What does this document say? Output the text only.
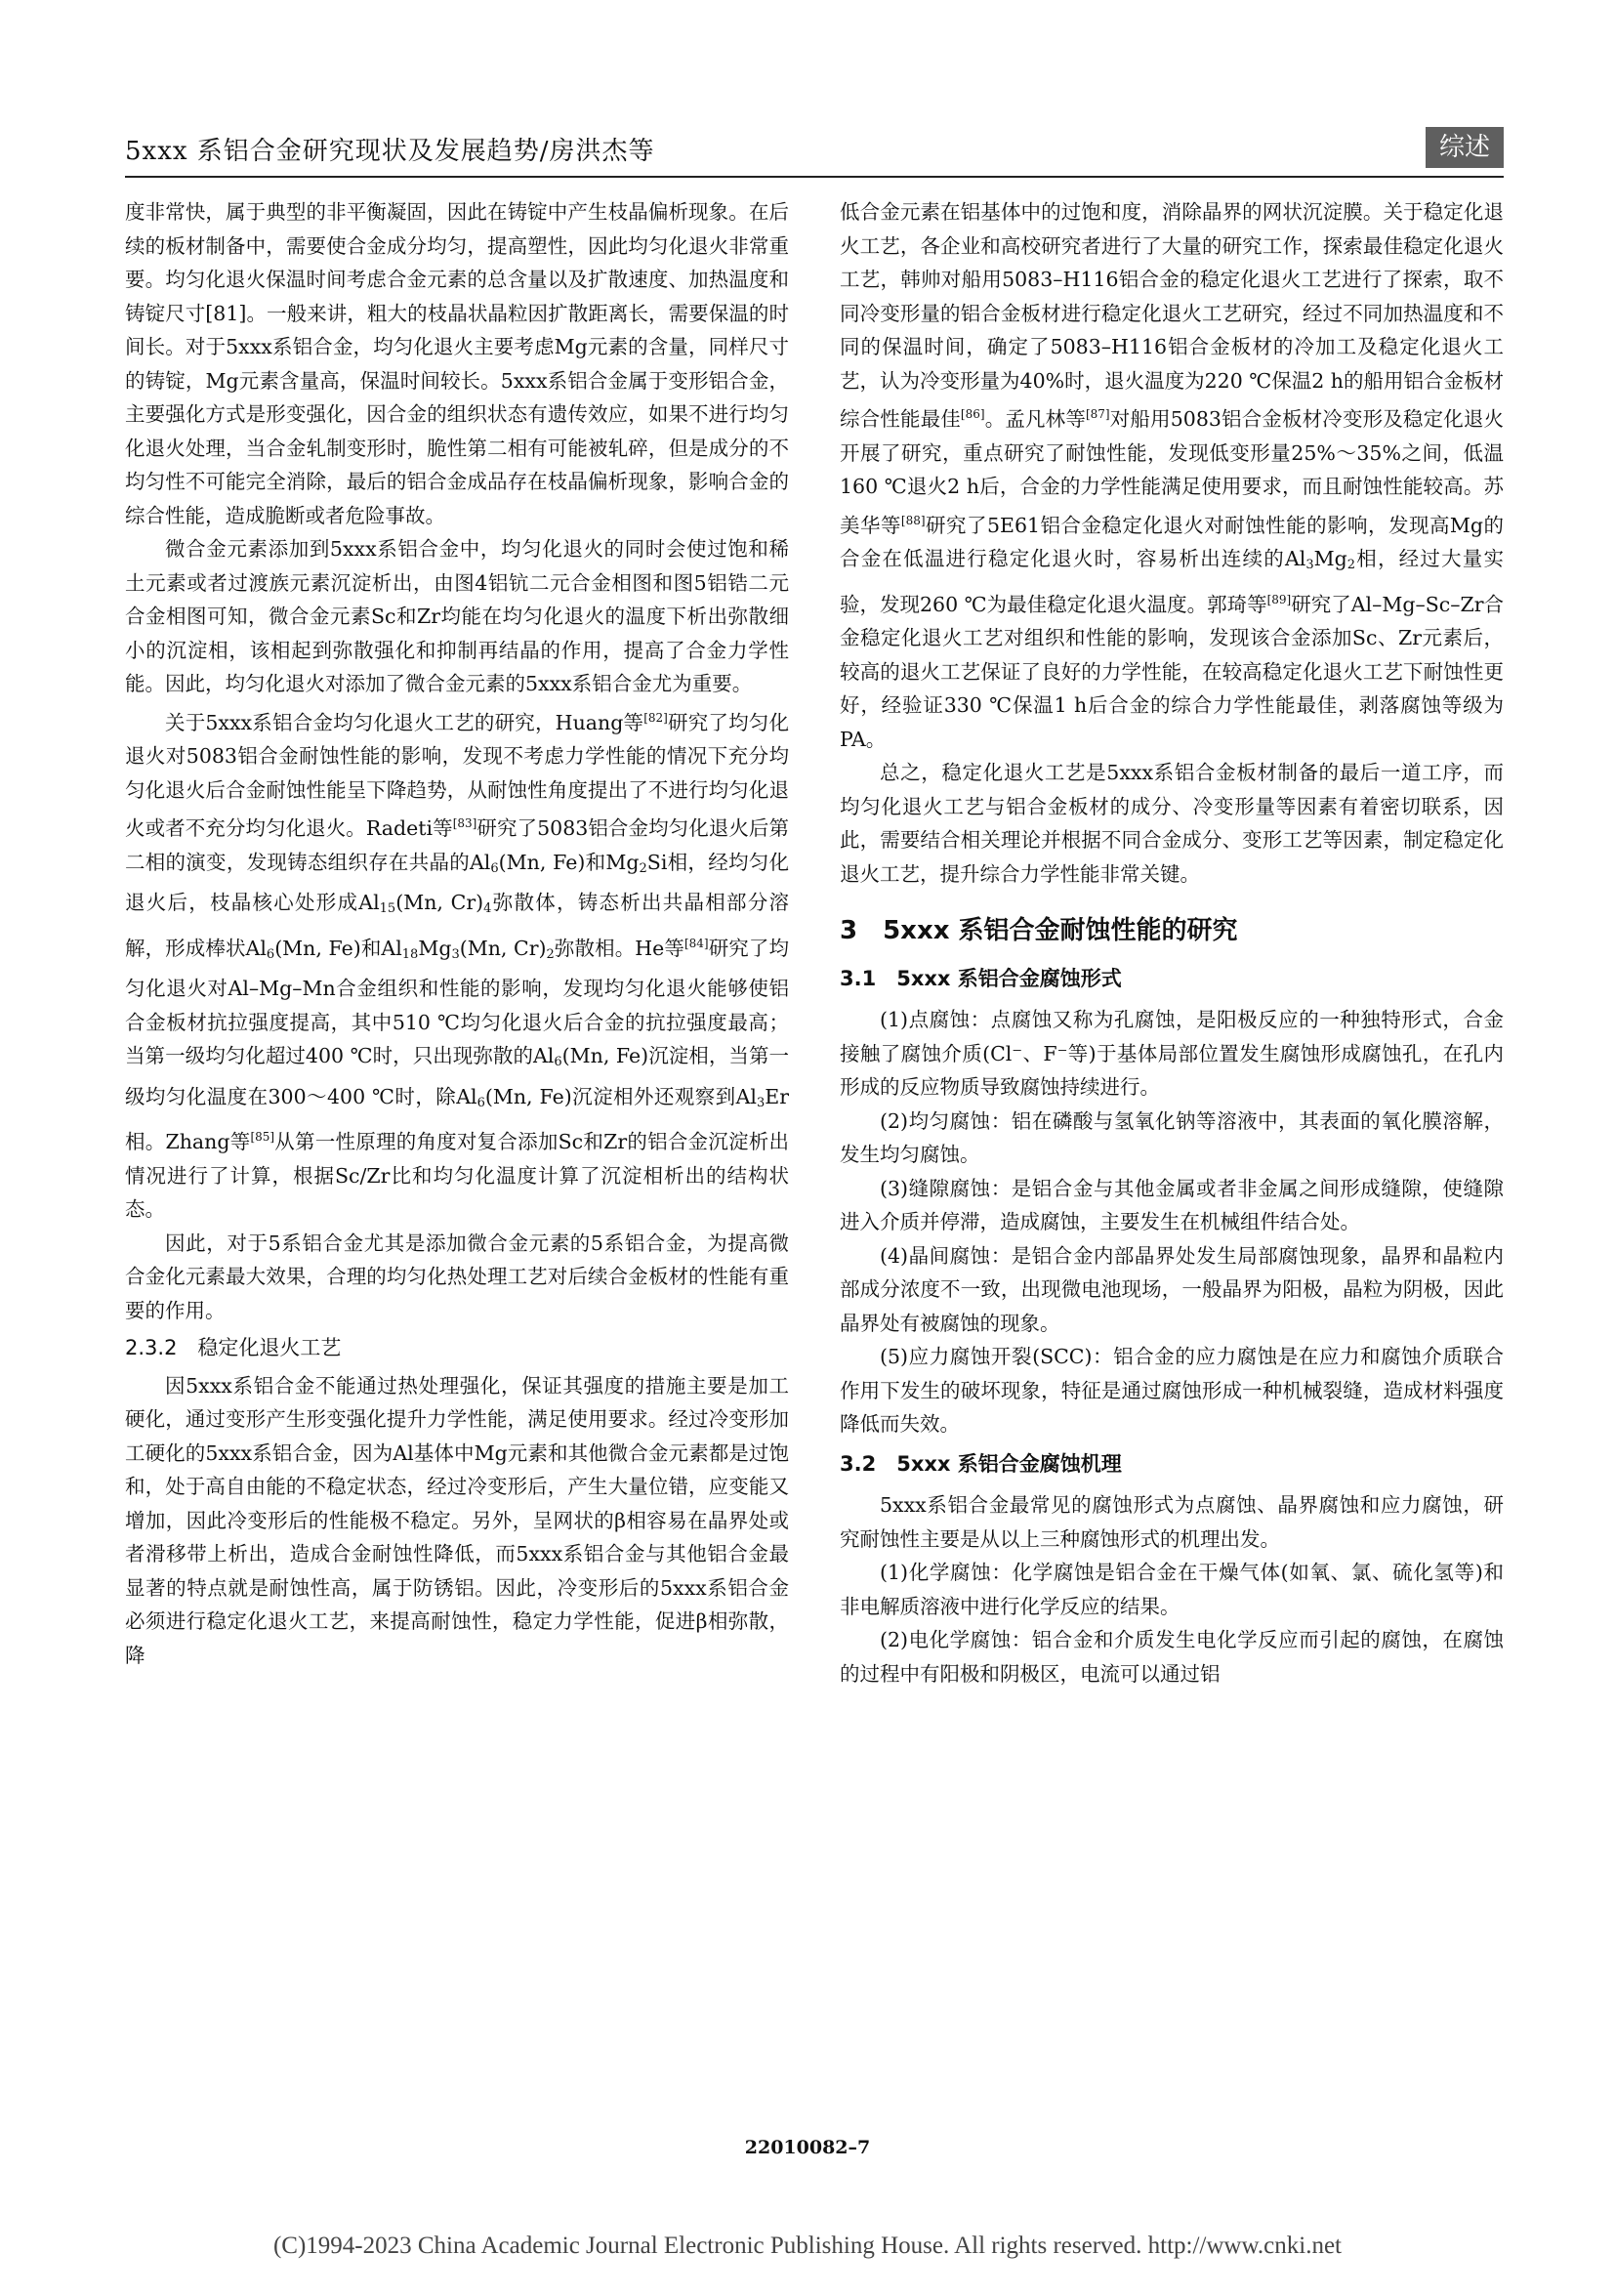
5xxx 系铝合金研究现状及发展趋势/房洪杰等	综述

度非常快，属于典型的非平衡凝固，因此在铸锭中产生枝晶偏析现象。在后续的板材制备中，需要使合金成分均匀，提高塑性，因此均匀化退火非常重要。均匀化退火保温时间考虑合金元素的总含量以及扩散速度、加热温度和铸锭尺寸[81]。一般来讲，粗大的枝晶状晶粒因扩散距离长，需要保温的时间长。对于5xxx系铝合金，均匀化退火主要考虑Mg元素的含量，同样尺寸的铸锭，Mg元素含量高，保温时间较长。5xxx系铝合金属于变形铝合金，主要强化方式是形变强化，因合金的组织状态有遗传效应，如果不进行均匀化退火处理，当合金轧制变形时，脆性第二相有可能被轧碎，但是成分的不均匀性不可能完全消除，最后的铝合金成品存在枝晶偏析现象，影响合金的综合性能，造成脆断或者危险事故。

微合金元素添加到5xxx系铝合金中，均匀化退火的同时会使过饱和稀土元素或者过渡族元素沉淀析出，由图4铝钪二元合金相图和图5铝锆二元合金相图可知，微合金元素Sc和Zr均能在均匀化退火的温度下析出弥散细小的沉淀相，该相起到弥散强化和抑制再结晶的作用，提高了合金力学性能。因此，均匀化退火对添加了微合金元素的5xxx系铝合金尤为重要。

关于5xxx系铝合金均匀化退火工艺的研究，Huang等[82]研究了均匀化退火对5083铝合金耐蚀性能的影响，发现不考虑力学性能的情况下充分均匀化退火后合金耐蚀性能呈下降趋势，从耐蚀性角度提出了不进行均匀化退火或者不充分均匀化退火。Radeti等[83]研究了5083铝合金均匀化退火后第二相的演变，发现铸态组织存在共晶的$Al_6(Mn$, Fe)和$Mg_2Si$相，经均匀化退火后，枝晶核心处形成$Al_{15}(Mn$, $Cr)_4$弥散体，铸态析出共晶相部分溶解，形成棒状$Al_6(Mn$, Fe)和$Al_{18}Mg_3(Mn$, $Cr)_2$弥散相。He等[84]研究了均匀化退火对Al–Mg–Mn合金组织和性能的影响，发现均匀化退火能够使铝合金板材抗拉强度提高，其中510 ℃均匀化退火后合金的抗拉强度最高；当第一级均匀化超过400 ℃时，只出现弥散的$Al_6(Mn$, Fe)沉淀相，当第一级均匀化温度在300～400 ℃时，除$Al_6(Mn$, Fe)沉淀相外还观察到$Al_3Er$相。Zhang等[85]从第一性原理的角度对复合添加Sc和Zr的铝合金沉淀析出情况进行了计算，根据Sc/Zr比和均匀化温度计算了沉淀相析出的结构状态。

因此，对于5系铝合金尤其是添加微合金元素的5系铝合金，为提高微合金化元素最大效果，合理的均匀化热处理工艺对后续合金板材的性能有重要的作用。

2.3.2　稳定化退火工艺

因5xxx系铝合金不能通过热处理强化，保证其强度的措施主要是加工硬化，通过变形产生形变强化提升力学性能，满足使用要求。经过冷变形加工硬化的5xxx系铝合金，因为Al基体中Mg元素和其他微合金元素都是过饱和，处于高自由能的不稳定状态，经过冷变形后，产生大量位错，应变能又增加，因此冷变形后的性能极不稳定。另外，呈网状的β相容易在晶界处或者滑移带上析出，造成合金耐蚀性降低，而5xxx系铝合金与其他铝合金最显著的特点就是耐蚀性高，属于防锈铝。因此，冷变形后的5xxx系铝合金必须进行稳定化退火工艺，来提高耐蚀性，稳定力学性能，促进β相弥散，降

低合金元素在铝基体中的过饱和度，消除晶界的网状沉淀膜。关于稳定化退火工艺，各企业和高校研究者进行了大量的研究工作，探索最佳稳定化退火工艺，韩帅对船用5083–H116铝合金的稳定化退火工艺进行了探索，取不同冷变形量的铝合金板材进行稳定化退火工艺研究，经过不同加热温度和不同的保温时间，确定了5083–H116铝合金板材的冷加工及稳定化退火工艺，认为冷变形量为40%时，退火温度为220 ℃保温2 h的船用铝合金板材综合性能最佳[86]。孟凡林等[87]对船用5083铝合金板材冷变形及稳定化退火开展了研究，重点研究了耐蚀性能，发现低变形量25%～35%之间，低温160 ℃退火2 h后，合金的力学性能满足使用要求，而且耐蚀性能较高。苏美华等[88]研究了5E61铝合金稳定化退火对耐蚀性能的影响，发现高Mg的合金在低温进行稳定化退火时，容易析出连续的$Al_3Mg_2$相，经过大量实验，发现260 ℃为最佳稳定化退火温度。郭琦等[89]研究了Al–Mg–Sc–Zr合金稳定化退火工艺对组织和性能的影响，发现该合金添加Sc、Zr元素后，较高的退火工艺保证了良好的力学性能，在较高稳定化退火工艺下耐蚀性更好，经验证330 ℃保温1 h后合金的综合力学性能最佳，剥落腐蚀等级为PA。

总之，稳定化退火工艺是5xxx系铝合金板材制备的最后一道工序，而均匀化退火工艺与铝合金板材的成分、冷变形量等因素有着密切联系，因此，需要结合相关理论并根据不同合金成分、变形工艺等因素，制定稳定化退火工艺，提升综合力学性能非常关键。

3　5xxx 系铝合金耐蚀性能的研究
3.1　5xxx 系铝合金腐蚀形式

(1)点腐蚀：点腐蚀又称为孔腐蚀，是阳极反应的一种独特形式，合金接触了腐蚀介质(Cl⁻、F⁻等)于基体局部位置发生腐蚀形成腐蚀孔，在孔内形成的反应物质导致腐蚀持续进行。

(2)均匀腐蚀：铝在磷酸与氢氧化钠等溶液中，其表面的氧化膜溶解，发生均匀腐蚀。

(3)缝隙腐蚀：是铝合金与其他金属或者非金属之间形成缝隙，使缝隙进入介质并停滞，造成腐蚀，主要发生在机械组件结合处。

(4)晶间腐蚀：是铝合金内部晶界处发生局部腐蚀现象，晶界和晶粒内部成分浓度不一致，出现微电池现场，一般晶界为阳极，晶粒为阴极，因此晶界处有被腐蚀的现象。

(5)应力腐蚀开裂(SCC)：铝合金的应力腐蚀是在应力和腐蚀介质联合作用下发生的破坏现象，特征是通过腐蚀形成一种机械裂缝，造成材料强度降低而失效。

3.2　5xxx 系铝合金腐蚀机理

5xxx系铝合金最常见的腐蚀形式为点腐蚀、晶界腐蚀和应力腐蚀，研究耐蚀性主要是从以上三种腐蚀形式的机理出发。

(1)化学腐蚀：化学腐蚀是铝合金在干燥气体(如氧、氯、硫化氢等)和非电解质溶液中进行化学反应的结果。

(2)电化学腐蚀：铝合金和介质发生电化学反应而引起的腐蚀，在腐蚀的过程中有阳极和阴极区，电流可以通过铝

22010082–7
(C)1994-2023 China Academic Journal Electronic Publishing House. All rights reserved. http://www.cnki.net
